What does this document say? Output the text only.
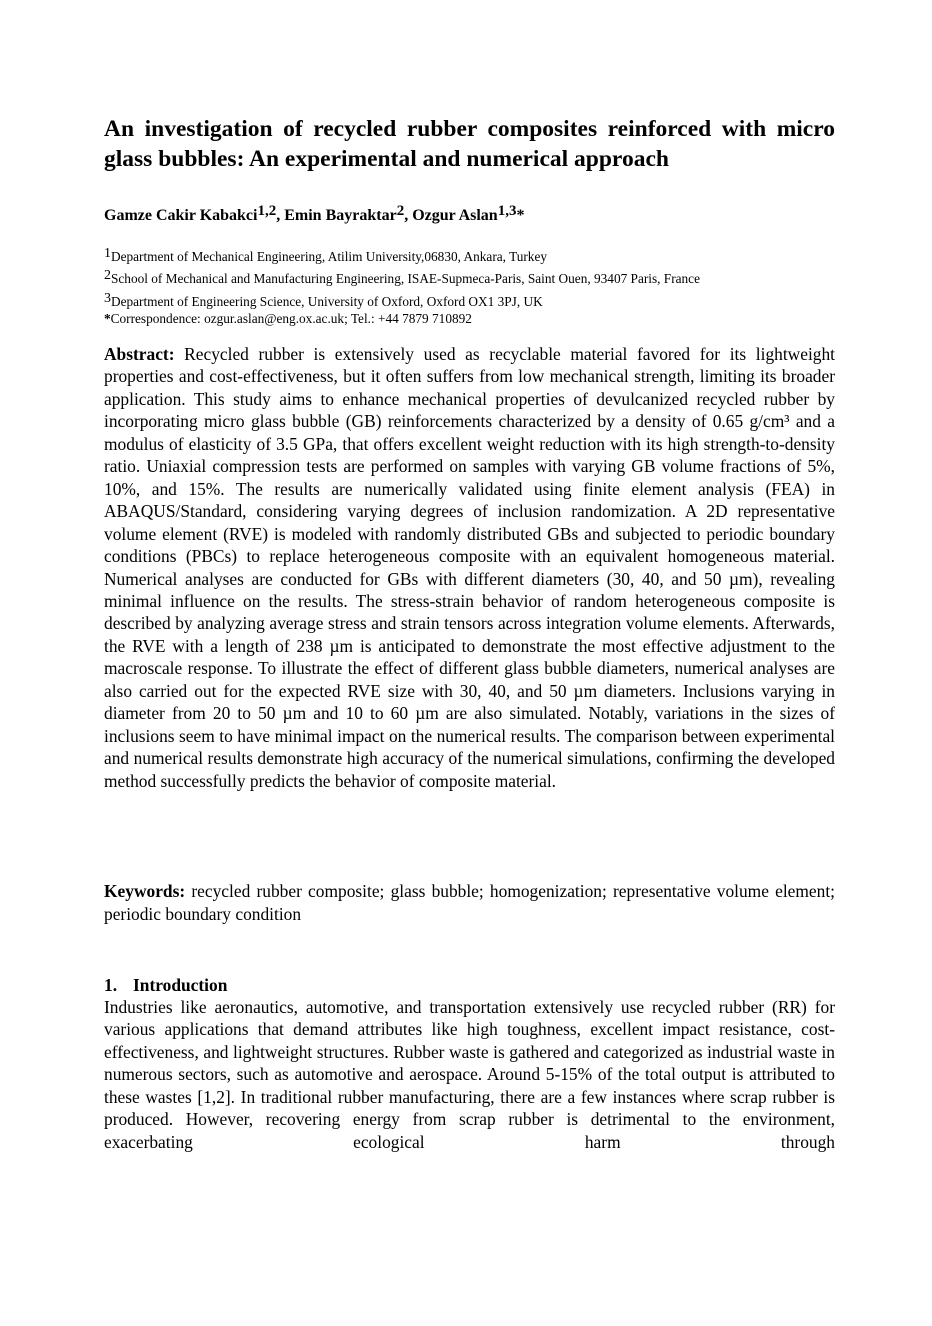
An investigation of recycled rubber composites reinforced with micro glass bubbles: An experimental and numerical approach
Gamze Cakir Kabakci$^{1,2}$, Emin Bayraktar$^2$, Ozgur Aslan$^{1,3}$*
$^1$Department of Mechanical Engineering, Atilim University,06830, Ankara, Turkey
$^2$School of Mechanical and Manufacturing Engineering, ISAE-Supmeca-Paris, Saint Ouen, 93407 Paris, France
$^3$Department of Engineering Science, University of Oxford, Oxford OX1 3PJ, UK
*Correspondence: ozgur.aslan@eng.ox.ac.uk; Tel.: +44 7879 710892
Abstract: Recycled rubber is extensively used as recyclable material favored for its lightweight properties and cost-effectiveness, but it often suffers from low mechanical strength, limiting its broader application. This study aims to enhance mechanical properties of devulcanized recycled rubber by incorporating micro glass bubble (GB) reinforcements characterized by a density of 0.65 g/cm³ and a modulus of elasticity of 3.5 GPa, that offers excellent weight reduction with its high strength-to-density ratio. Uniaxial compression tests are performed on samples with varying GB volume fractions of 5%, 10%, and 15%. The results are numerically validated using finite element analysis (FEA) in ABAQUS/Standard, considering varying degrees of inclusion randomization. A 2D representative volume element (RVE) is modeled with randomly distributed GBs and subjected to periodic boundary conditions (PBCs) to replace heterogeneous composite with an equivalent homogeneous material. Numerical analyses are conducted for GBs with different diameters (30, 40, and 50 µm), revealing minimal influence on the results. The stress-strain behavior of random heterogeneous composite is described by analyzing average stress and strain tensors across integration volume elements. Afterwards, the RVE with a length of 238 µm is anticipated to demonstrate the most effective adjustment to the macroscale response. To illustrate the effect of different glass bubble diameters, numerical analyses are also carried out for the expected RVE size with 30, 40, and 50 µm diameters. Inclusions varying in diameter from 20 to 50 µm and 10 to 60 µm are also simulated. Notably, variations in the sizes of inclusions seem to have minimal impact on the numerical results. The comparison between experimental and numerical results demonstrate high accuracy of the numerical simulations, confirming the developed method successfully predicts the behavior of composite material.
Keywords: recycled rubber composite; glass bubble; homogenization; representative volume element; periodic boundary condition
1. Introduction
Industries like aeronautics, automotive, and transportation extensively use recycled rubber (RR) for various applications that demand attributes like high toughness, excellent impact resistance, cost-effectiveness, and lightweight structures. Rubber waste is gathered and categorized as industrial waste in numerous sectors, such as automotive and aerospace. Around 5-15% of the total output is attributed to these wastes [1,2]. In traditional rubber manufacturing, there are a few instances where scrap rubber is produced. However, recovering energy from scrap rubber is detrimental to the environment, exacerbating ecological harm through
